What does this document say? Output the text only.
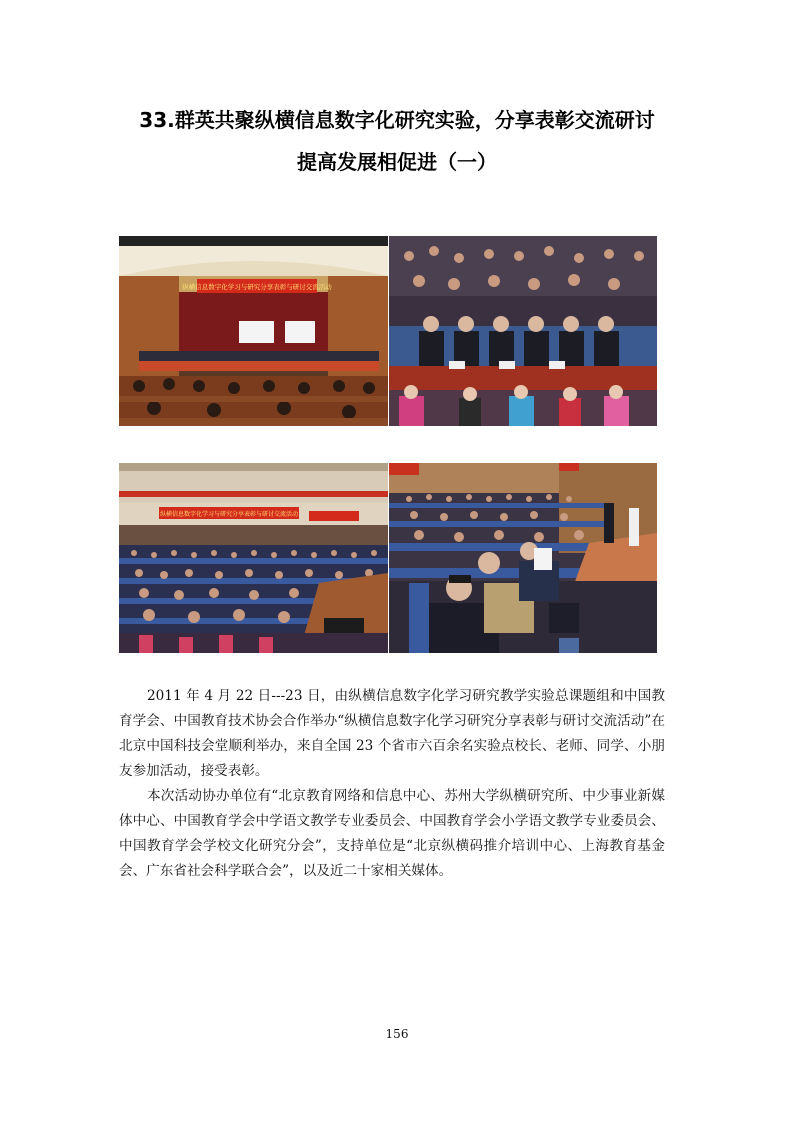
33.群英共聚纵横信息数字化研究实验，分享表彰交流研讨
提高发展相促进（一）
纵横信息数字化学习与研究分享表彰与研讨交流活动
纵横信息数字化学习与研究分享表彰与研讨交流活动

2011 年 4 月 22 日---23 日，由纵横信息数字化学习研究教学实验总课题组和中国教育学会、中国教育技术协会合作举办“纵横信息数字化学习研究分享表彰与研讨交流活动”在北京中国科技会堂顺利举办，来自全国 23 个省市六百余名实验点校长、老师、同学、小朋友参加活动，接受表彰。

本次活动协办单位有“北京教育网络和信息中心、苏州大学纵横研究所、中少事业新媒体中心、中国教育学会中学语文教学专业委员会、中国教育学会小学语文教学专业委员会、中国教育学会学校文化研究分会”，支持单位是“北京纵横码推介培训中心、上海教育基金会、广东省社会科学联合会”，以及近二十家相关媒体。

156
